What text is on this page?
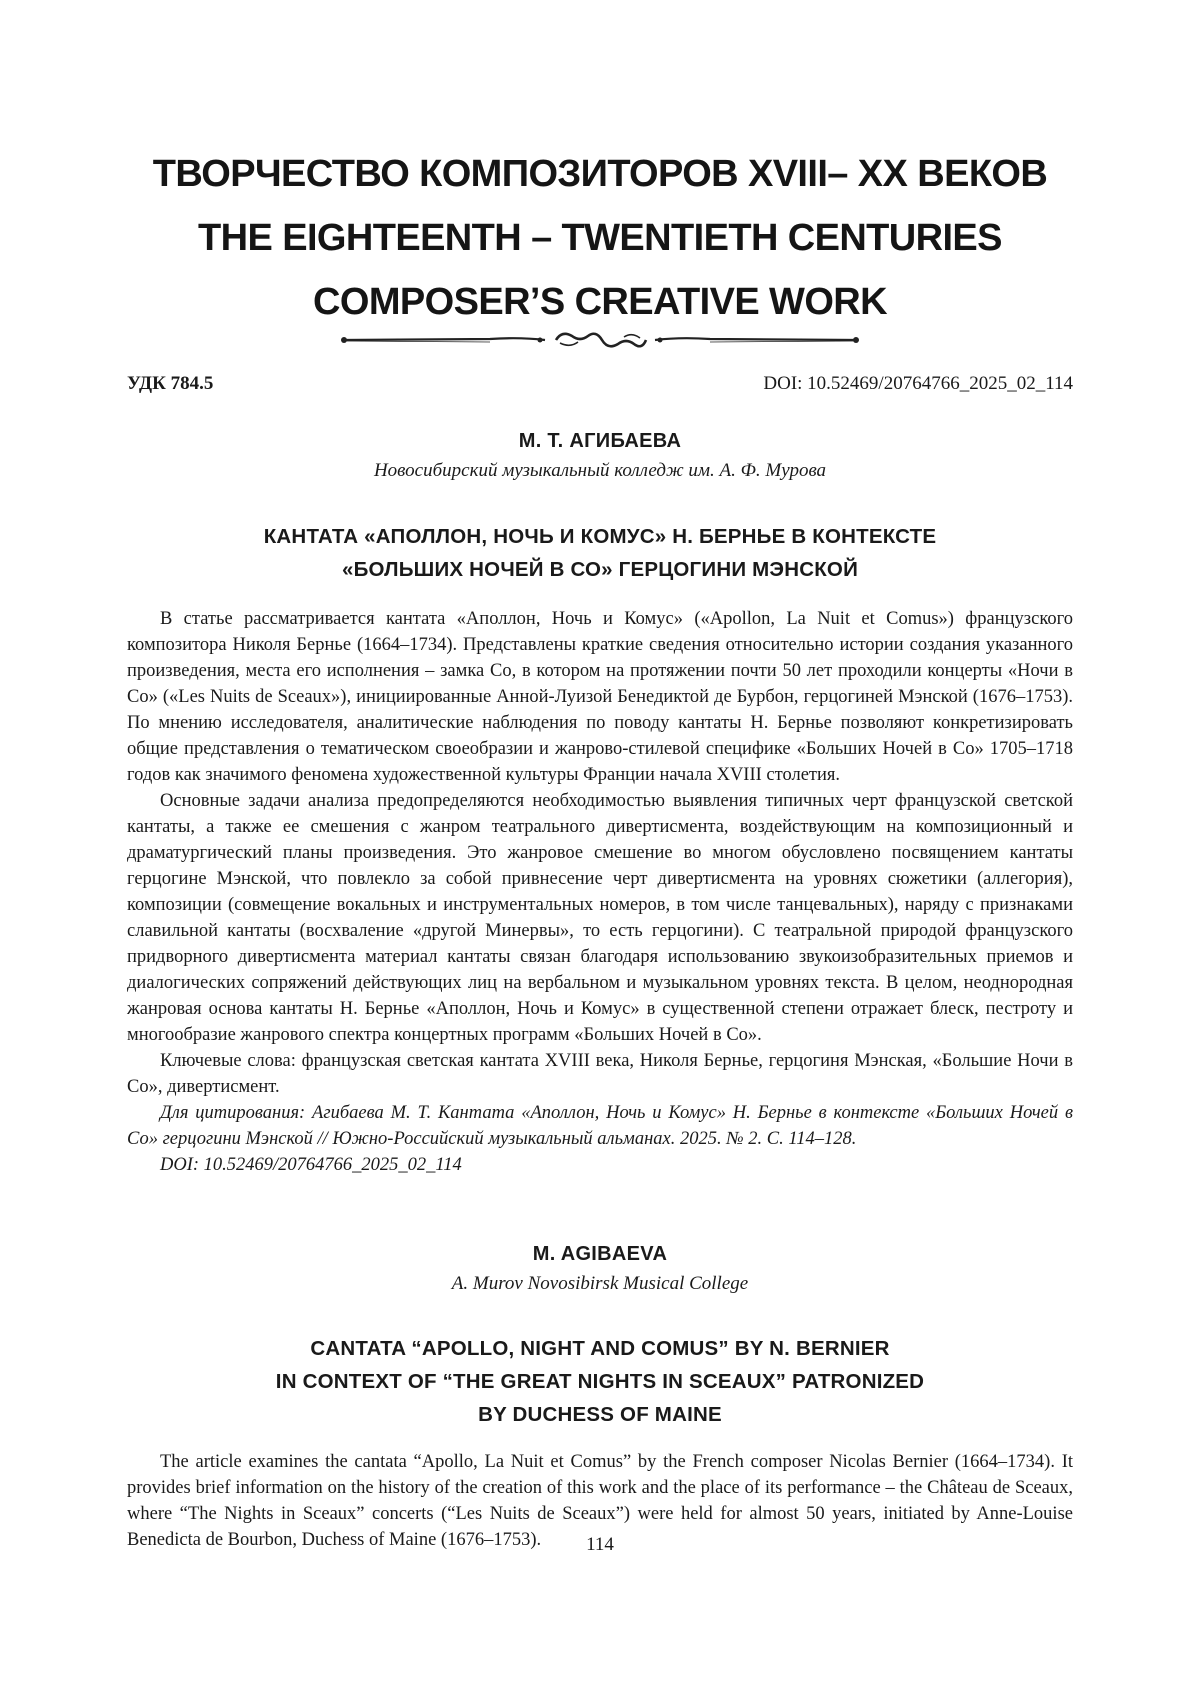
ТВОРЧЕСТВО КОМПОЗИТОРОВ XVIII– XX ВЕКОВ
THE EIGHTEENTH – TWENTIETH CENTURIES
COMPOSER’S CREATIVE WORK
УДК 784.5	DOI: 10.52469/20764766_2025_02_114
М. Т. АГИБАЕВА
Новосибирский музыкальный колледж им. А. Ф. Мурова
КАНТАТА «АПОЛЛОН, НОЧЬ И КОМУС» Н. БЕРНЬЕ В КОНТЕКСТЕ
«БОЛЬШИХ НОЧЕЙ В СО» ГЕРЦОГИНИ МЭНСКОЙ

В статье рассматривается кантата «Аполлон, Ночь и Комус» («Apollon, La Nuit et Comus») французского композитора Николя Бернье (1664–1734). Представлены краткие сведения относительно истории создания указанного произведения, места его исполнения – замка Со, в котором на протяжении почти 50 лет проходили концерты «Ночи в Со» («Les Nuits de Sceaux»), инициированные Анной-Луизой Бенедиктой де Бурбон, герцогиней Мэнской (1676–1753). По мнению исследователя, аналитические наблюдения по поводу кантаты Н. Бернье позволяют конкретизировать общие представления о тематическом своеобразии и жанрово-стилевой специфике «Больших Ночей в Со» 1705–1718 годов как значимого феномена художественной культуры Франции начала XVIII столетия.

Основные задачи анализа предопределяются необходимостью выявления типичных черт французской светской кантаты, а также ее смешения с жанром театрального дивертисмента, воздействующим на композиционный и драматургический планы произведения. Это жанровое смешение во многом обусловлено посвящением кантаты герцогине Мэнской, что повлекло за собой привнесение черт дивертисмента на уровнях сюжетики (аллегория), композиции (совмещение вокальных и инструментальных номеров, в том числе танцевальных), наряду с признаками славильной кантаты (восхваление «другой Минервы», то есть герцогини). С театральной природой французского придворного дивертисмента материал кантаты связан благодаря использованию звукоизобразительных приемов и диалогических сопряжений действующих лиц на вербальном и музыкальном уровнях текста. В целом, неоднородная жанровая основа кантаты Н. Бернье «Аполлон, Ночь и Комус» в существенной степени отражает блеск, пестроту и многообразие жанрового спектра концертных программ «Больших Ночей в Со».

Ключевые слова: французская светская кантата XVIII века, Николя Бернье, герцогиня Мэнская, «Большие Ночи в Со», дивертисмент.

Для цитирования: Агибаева М. Т. Кантата «Аполлон, Ночь и Комус» Н. Бернье в контексте «Больших Ночей в Со» герцогини Мэнской // Южно-Российский музыкальный альманах. 2025. № 2. С. 114–128.

DOI: 10.52469/20764766_2025_02_114

M. AGIBAEVA
A. Murov Novosibirsk Musical College
CANTATA “APOLLO, NIGHT AND COMUS” BY N. BERNIER
IN CONTEXT OF “THE GREAT NIGHTS IN SCEAUX” PATRONIZED
BY DUCHESS OF MAINE

The article examines the cantata “Apollo, La Nuit et Comus” by the French composer Nicolas Bernier (1664–1734). It provides brief information on the history of the creation of this work and the place of its performance – the Château de Sceaux, where “The Nights in Sceaux” concerts (“Les Nuits de Sceaux”) were held for almost 50 years, initiated by Anne-Louise Benedicta de Bourbon, Duchess of Maine (1676–1753).	114
